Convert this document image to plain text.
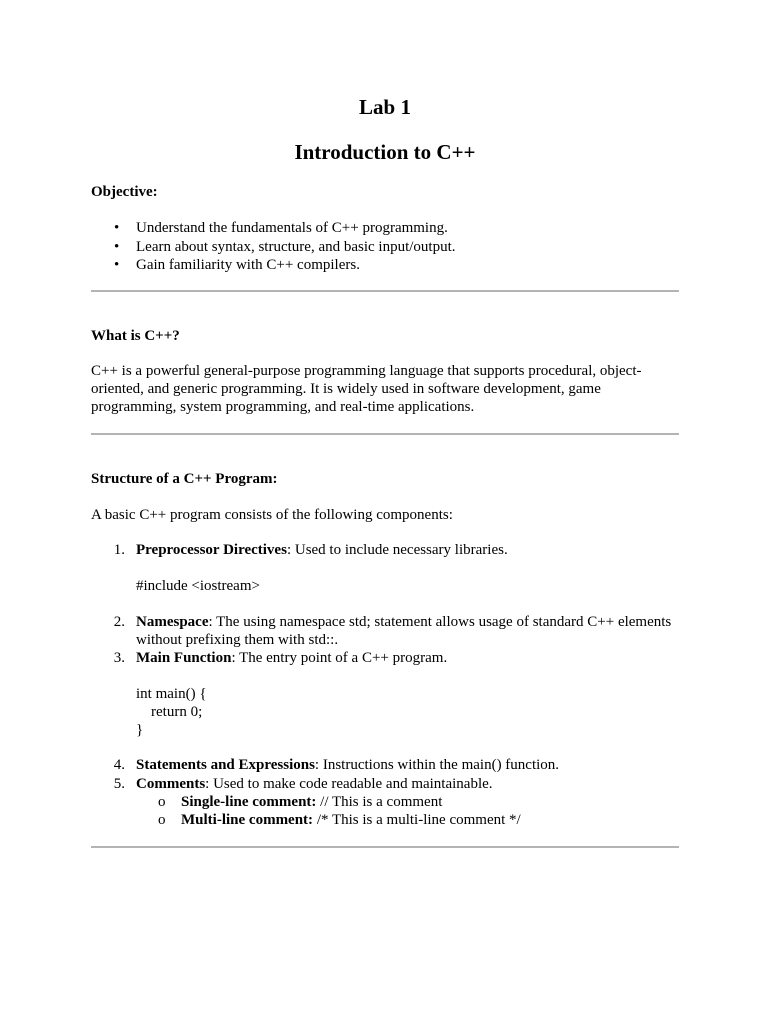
Lab 1
Introduction to C++
Objective:
• Understand the fundamentals of C++ programming.
• Learn about syntax, structure, and basic input/output.
• Gain familiarity with C++ compilers.
What is C++?
C++ is a powerful general-purpose programming language that supports procedural, object-
oriented, and generic programming. It is widely used in software development, game
programming, system programming, and real-time applications.
Structure of a C++ Program:
A basic C++ program consists of the following components:
1. Preprocessor Directives: Used to include necessary libraries.
#include <iostream>
2. Namespace: The using namespace std; statement allows usage of standard C++ elements
without prefixing them with std::.
3. Main Function: The entry point of a C++ program.
int main() {
return 0;
}
4. Statements and Expressions: Instructions within the main() function.
5. Comments: Used to make code readable and maintainable.
o Single-line comment: // This is a comment
o Multi-line comment: /* This is a multi-line comment */
